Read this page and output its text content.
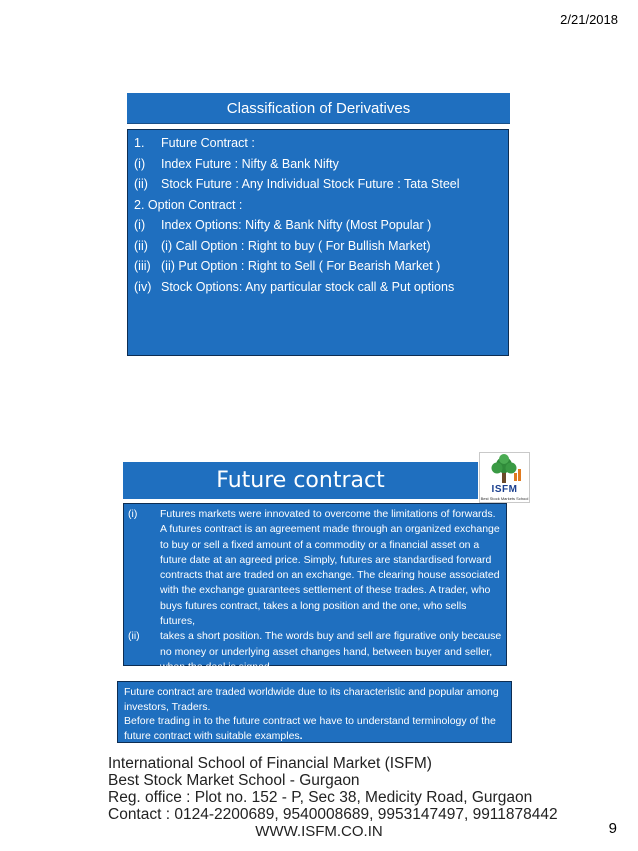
2/21/2018
Classification of Derivatives
1. Future Contract :
(i) Index Future : Nifty & Bank Nifty
(ii) Stock Future : Any Individual Stock Future : Tata Steel
2. Option Contract :
(i) Index Options: Nifty & Bank Nifty (Most Popular )
(ii) (i) Call Option : Right to buy ( For Bullish Market)
(iii) (ii) Put Option : Right to Sell ( For Bearish Market )
(iv) Stock Options: Any particular stock call & Put options
ISFM
Best Stock Markets School
Future contract
(i)	Futures markets were innovated to overcome the limitations of forwards. A futures contract is an agreement made through an organized exchange to buy or sell a fixed amount of a commodity or a financial asset on a future date at an agreed price. Simply, futures are standardised forward contracts that are traded on an exchange. The clearing house associated with the exchange guarantees settlement of these trades. A trader, who buys futures contract, takes a long position and the one, who sells futures,
(ii)	takes a short position. The words buy and sell are figurative only because no money or underlying asset changes hand, between buyer and seller, when the deal is signed.
Future contract are traded worldwide due to its characteristic and popular among investors, Traders.
Before trading in to the future contract we have to understand terminology of the future contract with suitable examples.
International School of Financial Market (ISFM)
Best Stock Market School - Gurgaon
Reg. office : Plot no. 152 - P, Sec 38, Medicity Road, Gurgaon
Contact : 0124-2200689, 9540008689, 9953147497, 9911878442
WWW.ISFM.CO.IN	9
